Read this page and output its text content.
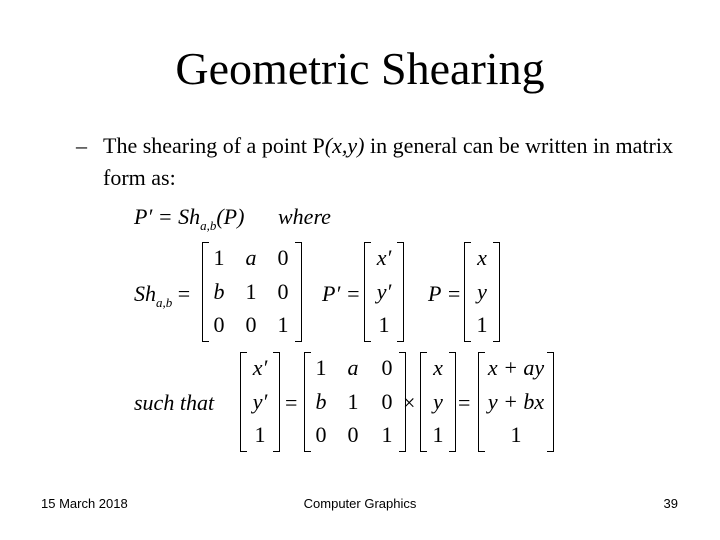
Geometric Shearing
– The shearing of a point P(x,y) in general can be written in matrix form as:
$P' = Sh_{a,b}(P)$ where
$Sh_{a,b}$ =
1 a 0
b 1 0
0 0 1
P′ =
x′
y′
1
P =
x
y
1
such that
x′
y′
1
=
1 a	0
b 1	0
0 0	1
×
x
y
1
=
x + ay
y + bx
1
15 March 2018	Computer Graphics	39
